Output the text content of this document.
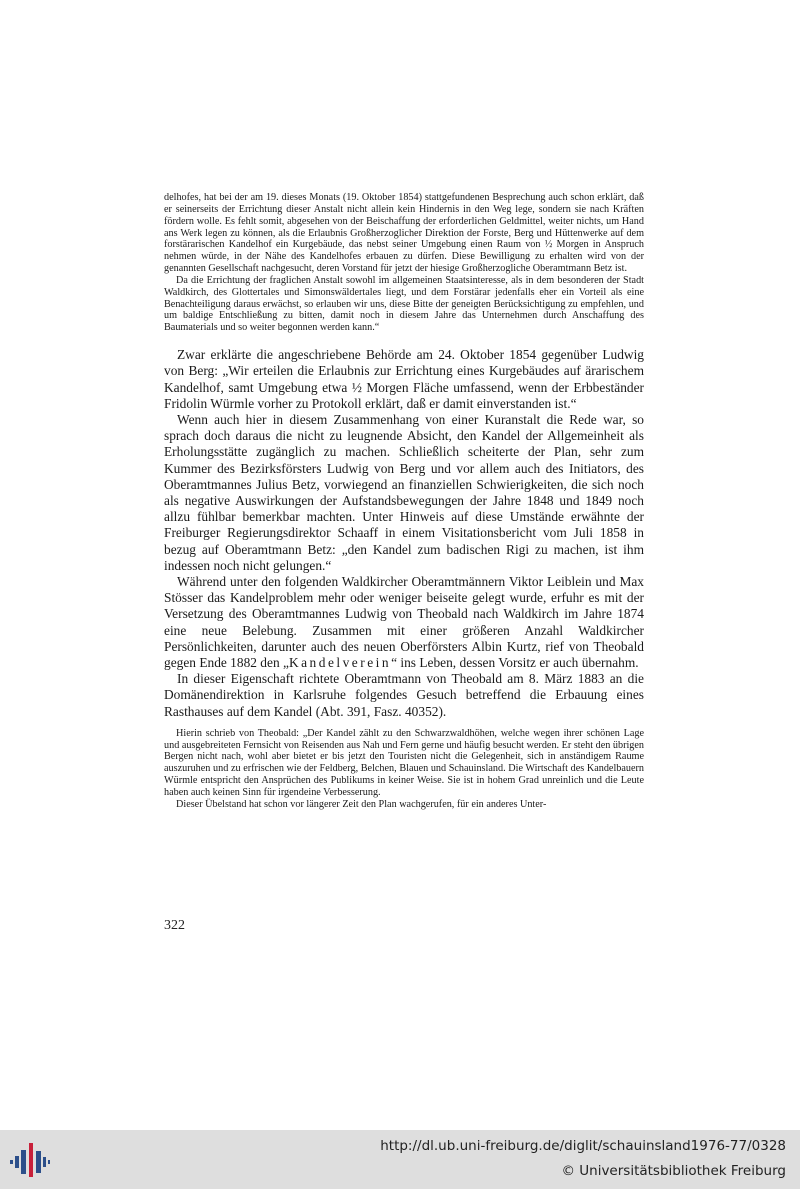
delhofes, hat bei der am 19. dieses Monats (19. Oktober 1854) stattgefundenen Besprechung auch schon erklärt, daß er seinerseits der Errichtung dieser Anstalt nicht allein kein Hindernis in den Weg lege, sondern sie nach Kräften fördern wolle. Es fehlt somit, abgesehen von der Beischaffung der erforderlichen Geldmittel, weiter nichts, um Hand ans Werk legen zu können, als die Erlaubnis Großherzoglicher Direktion der Forste, Berg und Hüttenwerke auf dem forstärarischen Kandelhof ein Kurgebäude, das nebst seiner Umgebung einen Raum von ½ Morgen in Anspruch nehmen würde, in der Nähe des Kandelhofes erbauen zu dürfen. Diese Bewilligung zu erhalten wird von der genannten Gesellschaft nachgesucht, deren Vorstand für jetzt der hiesige Großherzogliche Oberamtmann Betz ist.

Da die Errichtung der fraglichen Anstalt sowohl im allgemeinen Staatsinteresse, als in dem besonderen der Stadt Waldkirch, des Glottertales und Simonswäldertales liegt, und dem Forstärar jedenfalls eher ein Vorteil als eine Benachteiligung daraus erwächst, so erlauben wir uns, diese Bitte der geneigten Berücksichtigung zu empfehlen, und um baldige Entschließung zu bitten, damit noch in diesem Jahre das Unternehmen durch Anschaffung des Baumaterials und so weiter begonnen werden kann.“

Zwar erklärte die angeschriebene Behörde am 24. Oktober 1854 gegenüber Ludwig von Berg: „Wir erteilen die Erlaubnis zur Errichtung eines Kurgebäudes auf ärarischem Kandelhof, samt Umgebung etwa ½ Morgen Fläche umfassend, wenn der Erbbeständer Fridolin Würmle vorher zu Protokoll erklärt, daß er damit einverstanden ist.“

Wenn auch hier in diesem Zusammenhang von einer Kuranstalt die Rede war, so sprach doch daraus die nicht zu leugnende Absicht, den Kandel der Allgemeinheit als Erholungsstätte zugänglich zu machen. Schließlich scheiterte der Plan, sehr zum Kummer des Bezirksförsters Ludwig von Berg und vor allem auch des Initiators, des Oberamtmannes Julius Betz, vorwiegend an finanziellen Schwierigkeiten, die sich noch als negative Auswirkungen der Aufstandsbewegungen der Jahre 1848 und 1849 noch allzu fühlbar bemerkbar machten. Unter Hinweis auf diese Umstände erwähnte der Freiburger Regierungsdirektor Schaaff in einem Visitationsbericht vom Juli 1858 in bezug auf Oberamtmann Betz: „den Kandel zum badischen Rigi zu machen, ist ihm indessen noch nicht gelungen.“

Während unter den folgenden Waldkircher Oberamtmännern Viktor Leiblein und Max Stösser das Kandelproblem mehr oder weniger beiseite gelegt wurde, erfuhr es mit der Versetzung des Oberamtmannes Ludwig von Theobald nach Waldkirch im Jahre 1874 eine neue Belebung. Zusammen mit einer größeren Anzahl Waldkircher Persönlichkeiten, darunter auch des neuen Oberförsters Albin Kurtz, rief von Theobald gegen Ende 1882 den „Kandelverein“ ins Leben, dessen Vorsitz er auch übernahm.

In dieser Eigenschaft richtete Oberamtmann von Theobald am 8. März 1883 an die Domänendirektion in Karlsruhe folgendes Gesuch betreffend die Erbauung eines Rasthauses auf dem Kandel (Abt. 391, Fasz. 40352).

Hierin schrieb von Theobald: „Der Kandel zählt zu den Schwarzwaldhöhen, welche wegen ihrer schönen Lage und ausgebreiteten Fernsicht von Reisenden aus Nah und Fern gerne und häufig besucht werden. Er steht den übrigen Bergen nicht nach, wohl aber bietet er bis jetzt den Touristen nicht die Gelegenheit, sich in anständigem Raume auszuruhen und zu erfrischen wie der Feldberg, Belchen, Blauen und Schauinsland. Die Wirtschaft des Kandelbauern Würmle entspricht den Ansprüchen des Publikums in keiner Weise. Sie ist in hohem Grad unreinlich und die Leute haben auch keinen Sinn für irgendeine Verbesserung.

Dieser Übelstand hat schon vor längerer Zeit den Plan wachgerufen, für ein anderes Unter-

322
http://dl.ub.uni-freiburg.de/diglit/schauinsland1976-77/0328
© Universitätsbibliothek Freiburg
